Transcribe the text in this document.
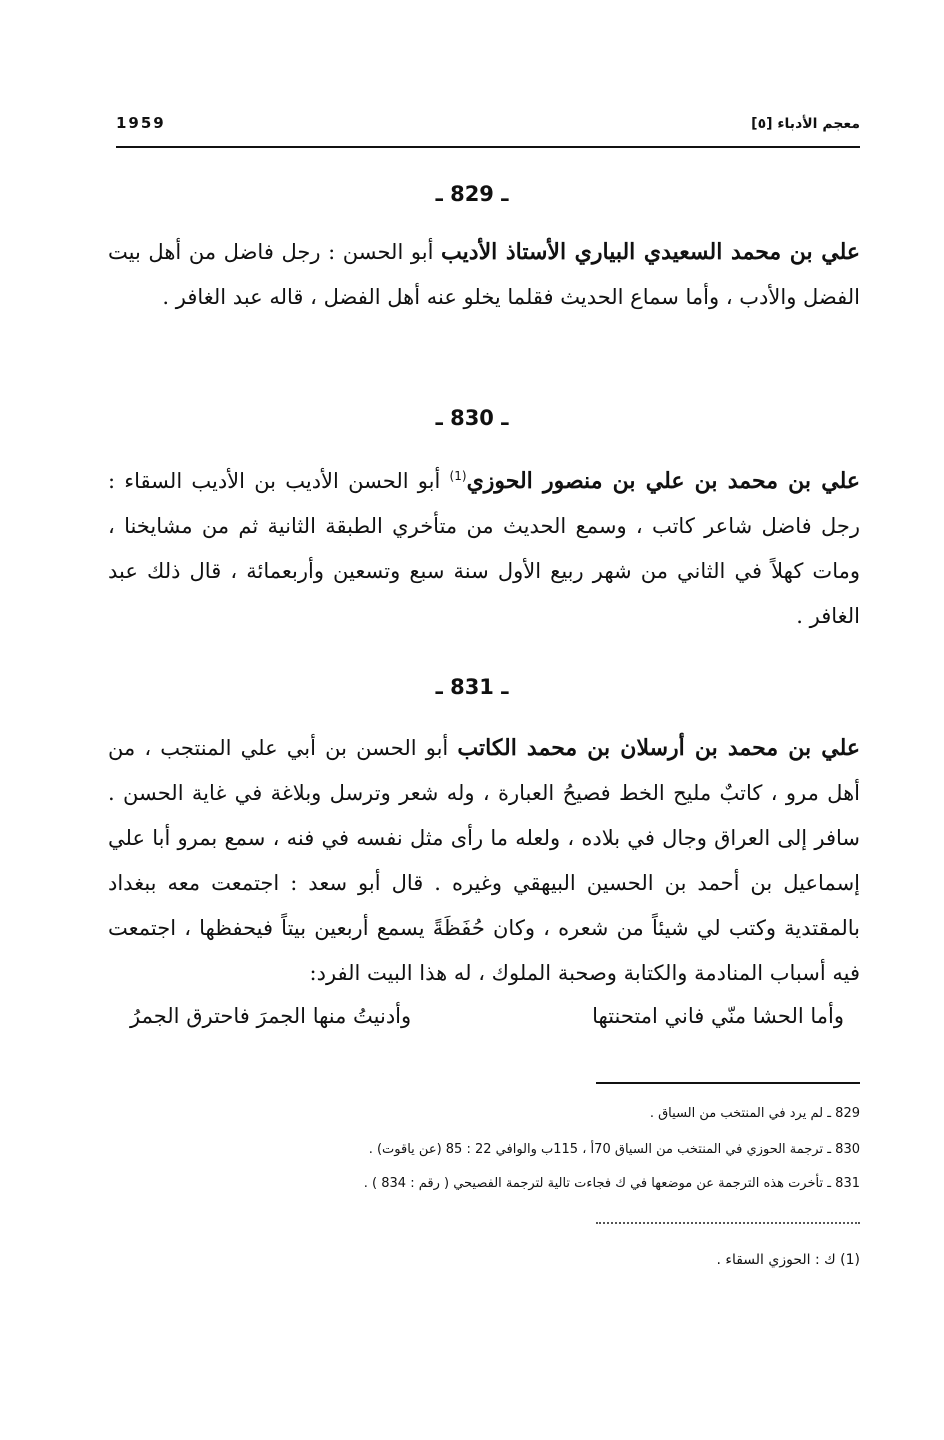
معجم الأدباء [٥]
1959
ـ 829 ـ
علي بن محمد السعيدي البياري الأستاذ الأديب أبو الحسن : رجل فاضل من أهل بيت الفضل والأدب ، وأما سماع الحديث فقلما يخلو عنه أهل الفضل ، قاله عبد الغافر .
ـ 830 ـ
علي بن محمد بن علي بن منصور الحوزي$^{(1)}$ أبو الحسن الأديب بن الأديب السقاء : رجل فاضل شاعر كاتب ، وسمع الحديث من متأخري الطبقة الثانية ثم من مشايخنا ، ومات كهلاً في الثاني من شهر ربيع الأول سنة سبع وتسعين وأربعمائة ، قال ذلك عبد الغافر .
ـ 831 ـ
علي بن محمد بن أرسلان بن محمد الكاتب أبو الحسن بن أبي علي المنتجب ، من أهل مرو ، كاتبٌ مليح الخط فصيحُ العبارة ، وله شعر وترسل وبلاغة في غاية الحسن . سافر إلى العراق وجال في بلاده ، ولعله ما رأى مثل نفسه في فنه ، سمع بمرو أبا علي إسماعيل بن أحمد بن الحسين البيهقي وغيره . قال أبو سعد : اجتمعت معه ببغداد بالمقتدية وكتب لي شيئاً من شعره ، وكان حُفَظَةً يسمع أربعين بيتاً فيحفظها ، اجتمعت فيه أسباب المنادمة والكتابة وصحبة الملوك ، له هذا البيت الفرد:
وأما الحشا منّي فاني امتحنتها
وأدنيتُ منها الجمرَ فاحترق الجمرُ
829 ـ لم يرد في المنتخب من السياق .
830 ـ ترجمة الحوزي في المنتخب من السياق 70أ ، 115ب والوافي 22 : 85 (عن ياقوت) .
831 ـ تأخرت هذه الترجمة عن موضعها في ك فجاءت تالية لترجمة الفصيحي ( رقم : 834 ) .
(1) ك : الحوزي السقاء .
